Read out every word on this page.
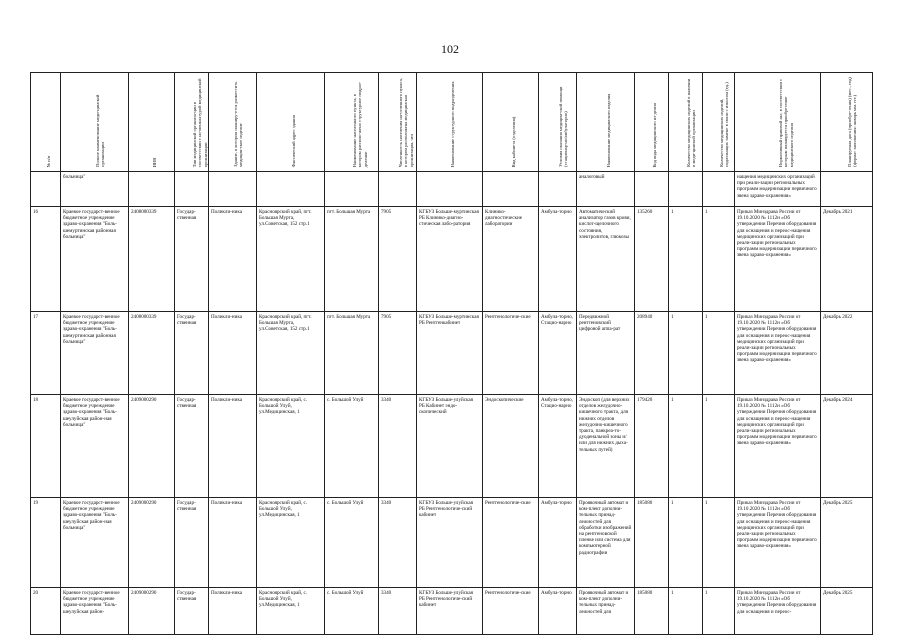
102
№ п/п	Полное наименование меди-цинской организации	ИНН	Тип медицинской организа-ции в соответствии с но-менклатурой медицинской организации	Здание, в котором планиру-ется разместить медицин-ское изделие	Фактический адрес здания	Наименование населенного пункта, в котором располо-жено структурное подраз-деление	Численность населения на-селенного пункта, в котором расположена медицинская организация, чел	Наименование структурного подразделения	Вид кабинета (отделения)	Условия оказания медицин-ской помощи (стационар-но/амбулаторно)	Наименование медицинского изделия	Код вида медицинского из-делия	Количество медицинских изделий в наличии в меди-цинской организации	Количество медицинских изделий, подлежащих замене в связи с износом (ед.)	Нормативный правовой акт, в соответствии с которым планируется приобретение медицинского изделия	Планируемая дата (приобре-тения) (мес., год) (формат заполнения: январь мм. ггг.)

	больница"										аналоговый				нащения медицинских организаций при реали-зации региональных программ модернизации первичного звена здраво-охранения»	
16	Краевое государст-венное бюджетное учреждение здраво-охранения "Боль-шемуртинская районная больница"	2408000339	Государ-ственная	Поликли-ника	Красноярский край, пгт. Большая Мурта, ул.Советская, 152 стр.1	пгт. Большая Мурта	7905	КГБУЗ Больше-муртинская РБ Клинико-диагно-стическая лабо-ратория	Клинико-диагностические лаборатории	Амбула-торно	Автоматический анализатор газов крови, кислот-щелочного состояния, электролитов, глюкозы	135260	1	1	Приказ Минздрава России от 19.10.2020 № 1112н «Об утверждении Перечня оборудования для оснащения и переос-нащения медицинских организаций при реали-зации региональных программ модернизации первичного звена здраво-охранения»	Декабрь 2021
17	Краевое государст-венное бюджетное учреждение здраво-охранения "Боль-шемуртинская районная больница"	2408000339	Государ-ственная	Поликли-ника	Красноярский край, пгт. Большая Мурта, ул.Советская, 152 стр.1	пгт. Большая Мурта	7905	КГБУЗ Больше-муртинская РБ Рентгенкабинет	Рентгенологиче-ские	Амбула-торно, Стацио-нарно	Передвижной рентгеновский цифровой аппа-рат	208940	1	1	Приказ Минздрава России от 19.10.2020 № 1112н «Об утверждении Перечня оборудования для оснащения и переос-нащения медицинских организаций при реали-зации региональных программ модернизации первичного звена здраво-охранения»	Декабрь 2022
18	Краевое государст-венное бюджетное учреждение здраво-охранения "Боль-шеулуйская район-ная больница"	2409000290	Государ-ственная	Поликли-ника	Красноярский край, с. Большой Улуй, ул.Медицинская, 1	с. Большой Улуй	3340	КГБУЗ Больше-улуйская РБ Кабинет эндо-скопический	Эндоскопические	Амбула-торно, Стацио-нарно	Эндоскоп (для верхних отделов желудочно-кишечного тракта, для нижних отделов желудочно-кишечного тракта, панкреа-то-дуоденальной зоны и/или для нижних дыха-тельных путей)	179420	1	1	Приказ Минздрава России от 19.10.2020 № 1112н «Об утверждении Перечня оборудования для оснащения и переос-нащения медицинских организаций при реали-зации региональных программ модернизации первичного звена здраво-охранения»	Декабрь 2024
19	Краевое государст-венное бюджетное учреждение здраво-охранения "Боль-шеулуйская район-ная больница"	2409000290	Государ-ственная	Поликли-ника	Красноярский край, с. Большой Улуй, ул.Медицинская, 1	с. Большой Улуй	3340	КГБУЗ Больше-улуйская РБ Рентгенологиче-ский кабинет	Рентгенологиче-ские	Амбула-торно	Проявочный автомат и ком-плект дополни-тельных принад-лежностей для обработки изображений на рентгеновской пленке или система для компьютерной радиографии	185080	1	1	Приказ Минздрава России от 19.10.2020 № 1112н «Об утверждении Перечня оборудования для оснащения и переос-нащения медицинских организаций при реали-зации региональных программ модернизации первичного звена здраво-охранения»	Декабрь 2025
20	Краевое государст-венное бюджетное учреждение здраво-охранения "Боль-шеулуйская район-	2409000290	Государ-ственная	Поликли-ника	Красноярский край, с. Большой Улуй, ул.Медицинская, 1	с. Большой Улуй	3340	КГБУЗ Больше-улуйская РБ Рентгенологиче-ский кабинет	Рентгенологиче-ские	Амбула-торно	Проявочный автомат и ком-плект дополни-тельных принад-лежностей для	185080	1	1	Приказ Минздрава России от 19.10.2020 № 1112н «Об утверждении Перечня оборудования для оснащения и переос-	Декабрь 2025
